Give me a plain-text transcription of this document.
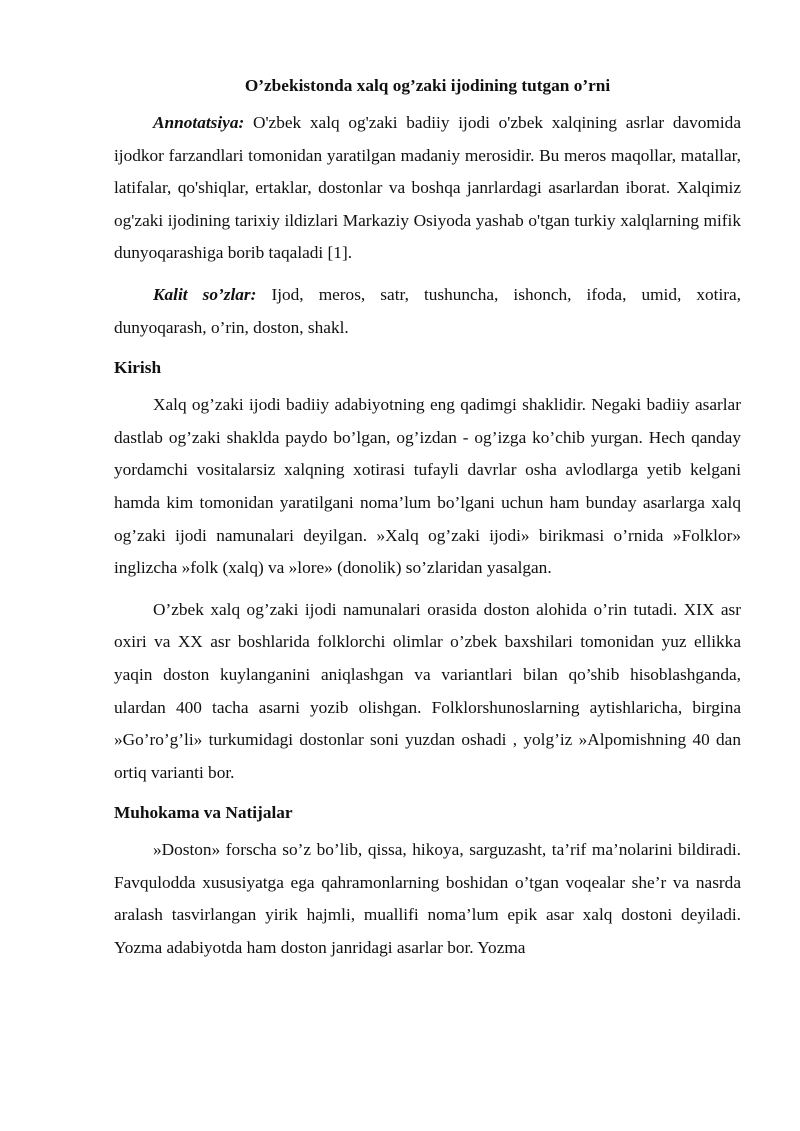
O’zbekistonda xalq og’zaki ijodining tutgan o’rni

Annotatsiya: O'zbek xalq og'zaki badiiy ijodi o'zbek xalqining asrlar davomida ijodkor farzandlari tomonidan yaratilgan madaniy merosidir. Bu meros maqollar, matallar, latifalar, qo'shiqlar, ertaklar, dostonlar va boshqa janrlardagi asarlardan iborat. Xalqimiz og'zaki ijodining tarixiy ildizlari Markaziy Osiyoda yashab o'tgan turkiy xalqlarning mifik dunyoqarashiga borib taqaladi [1].

Kalit so’zlar: Ijod, meros, satr, tushuncha, ishonch, ifoda, umid, xotira, dunyoqarash, o’rin, doston, shakl.

Kirish

Xalq og’zaki ijodi badiiy adabiyotning eng qadimgi shaklidir. Negaki badiiy asarlar dastlab og’zaki shaklda paydo bo’lgan, og’izdan - og’izga ko’chib yurgan. Hech qanday yordamchi vositalarsiz xalqning xotirasi tufayli davrlar osha avlodlarga yetib kelgani hamda kim tomonidan yaratilgani noma’lum bo’lgani uchun ham bunday asarlarga xalq og’zaki ijodi namunalari deyilgan. »Xalq og’zaki ijodi» birikmasi o’rnida »Folklor» inglizcha »folk (xalq) va »lore» (donolik) so’zlaridan yasalgan.

O’zbek xalq og’zaki ijodi namunalari orasida doston alohida o’rin tutadi. XIX asr oxiri va XX asr boshlarida folklorchi olimlar o’zbek baxshilari tomonidan yuz ellikka yaqin doston kuylanganini aniqlashgan va variantlari bilan qo’shib hisoblashganda, ulardan 400 tacha asarni yozib olishgan. Folklorshunoslarning aytishlaricha, birgina »Go’ro’g’li» turkumidagi dostonlar soni yuzdan oshadi , yolg’iz »Alpomishning 40 dan ortiq varianti bor.

Muhokama va Natijalar

»Doston» forscha so’z bo’lib, qissa, hikoya, sarguzasht, ta’rif ma’nolarini bildiradi. Favqulodda xususiyatga ega qahramonlarning boshidan o’tgan voqealar she’r va nasrda aralash tasvirlangan yirik hajmli, muallifi noma’lum epik asar xalq dostoni deyiladi. Yozma adabiyotda ham doston janridagi asarlar bor. Yozma
